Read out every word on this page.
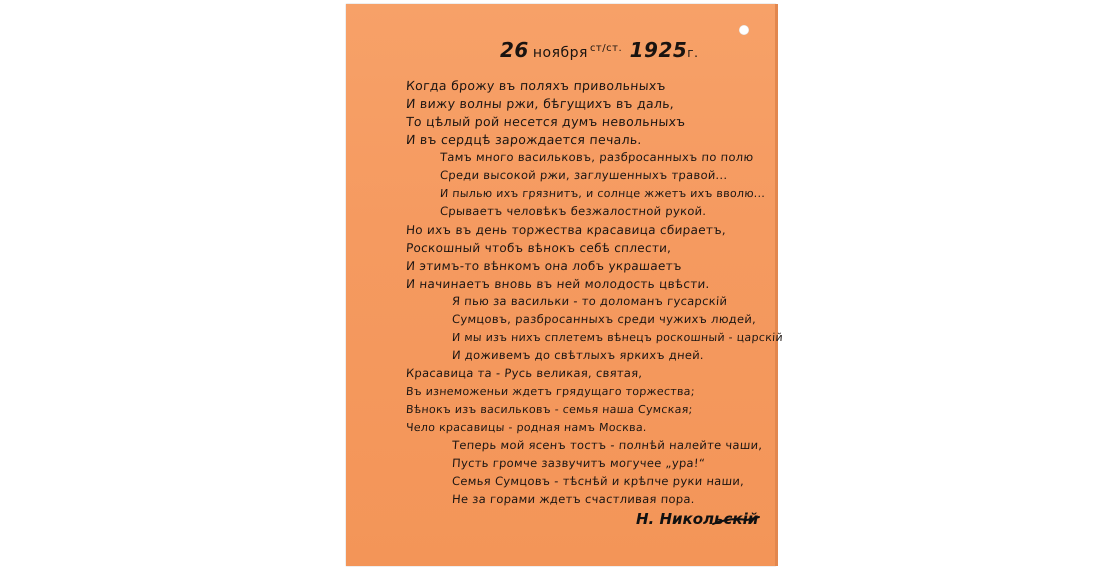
26 ноября $^{ст/ст.}$ 1925г.
Когда брожу въ поляхъ привольныхъ
И вижу волны ржи, бѣгущихъ въ даль,
То цѣлый рой несется думъ невольныхъ
И въ сердцѣ зарождается печаль.
Тамъ много васильковъ, разбросанныхъ по полю
Среди высокой ржи, заглушенныхъ травой...
И пылью ихъ грязнитъ, и солнце жжетъ ихъ вволю...
Срываетъ человѣкъ безжалостной рукой.
Но ихъ въ день торжества красавица сбираетъ,
Роскошный чтобъ вѣнокъ себѣ сплести,
И этимъ-то вѣнкомъ она лобъ украшаетъ
И начинаетъ вновь въ ней молодость цвѣсти.
Я пью за васильки - то доломанъ гусарскiй
Сумцовъ, разбросанныхъ среди чужихъ людей,
И мы изъ нихъ сплетемъ вѣнецъ роскошный - царскiй
И доживемъ до свѣтлыхъ яркихъ дней.
Красавица та - Русь великая, святая,
Въ изнеможеньи ждетъ грядущаго торжества;
Вѣнокъ изъ васильковъ - семья наша Сумская;
Чело красавицы - родная намъ Москва.
Теперь мой ясенъ тостъ - полнѣй налейте чаши,
Пусть громче зазвучитъ могучее „ура!“
Семья Сумцовъ - тѣснѣй и крѣпче руки наши,
Не за горами ждетъ счастливая пора.
Н. Никольскiй
